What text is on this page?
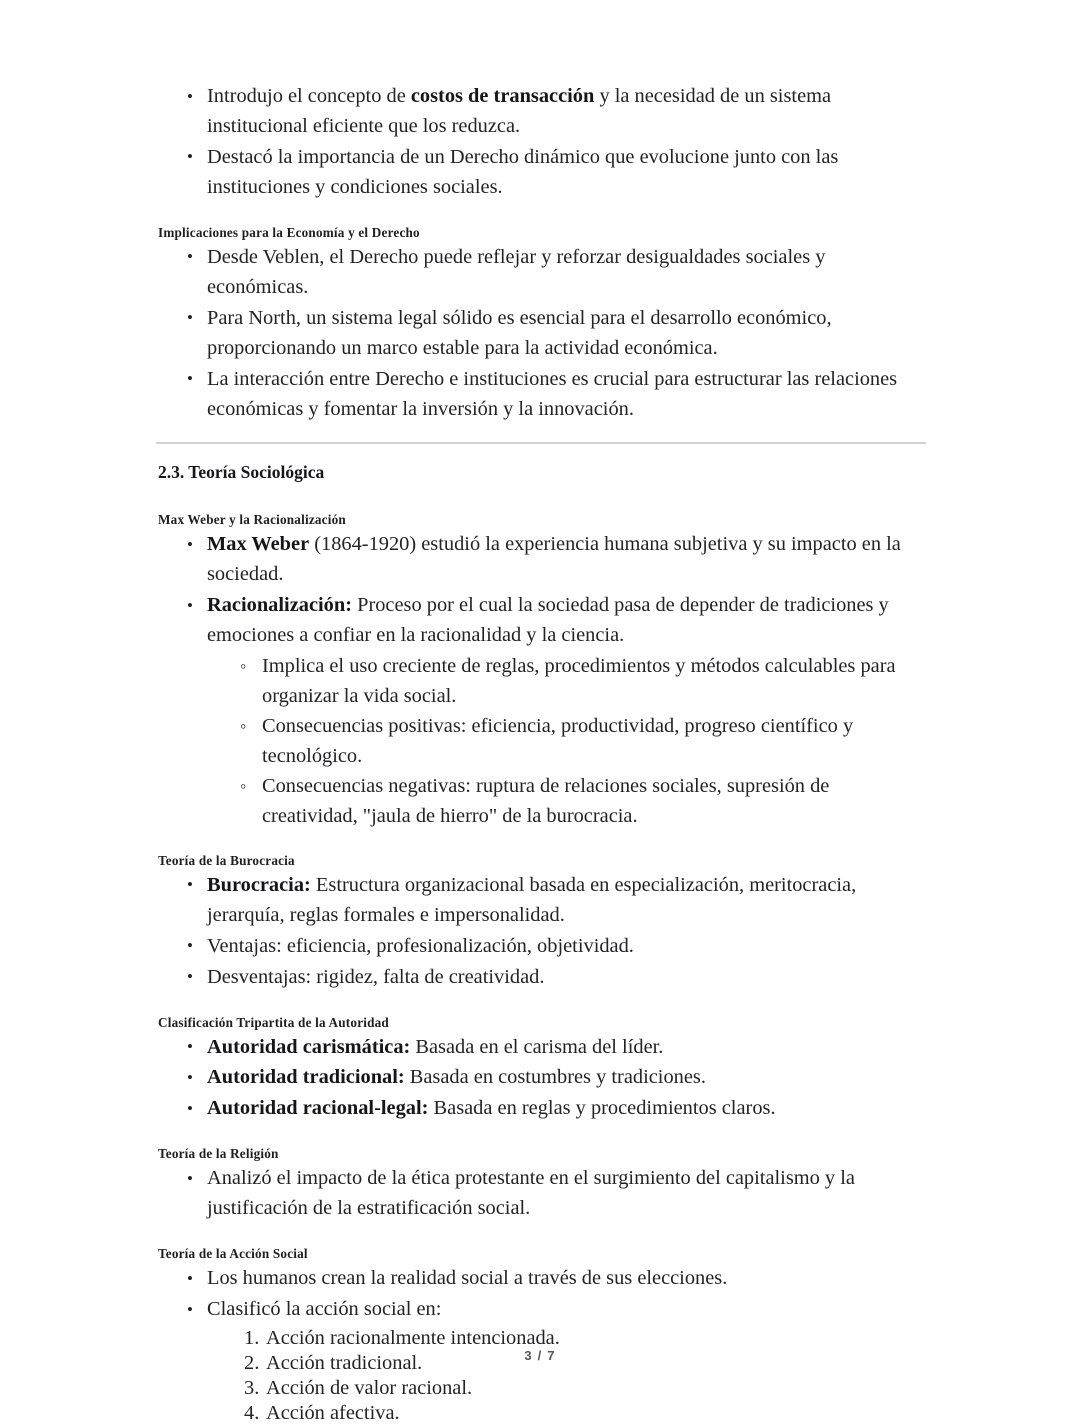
• Introdujo el concepto de costos de transacción y la necesidad de un sistema institucional eficiente que los reduzca.
• Destacó la importancia de un Derecho dinámico que evolucione junto con las instituciones y condiciones sociales.
Implicaciones para la Economía y el Derecho
• Desde Veblen, el Derecho puede reflejar y reforzar desigualdades sociales y económicas.
• Para North, un sistema legal sólido es esencial para el desarrollo económico, proporcionando un marco estable para la actividad económica.
• La interacción entre Derecho e instituciones es crucial para estructurar las relaciones económicas y fomentar la inversión y la innovación.
2.3. Teoría Sociológica
Max Weber y la Racionalización
• Max Weber (1864-1920) estudió la experiencia humana subjetiva y su impacto en la sociedad.
• Racionalización: Proceso por el cual la sociedad pasa de depender de tradiciones y emociones a confiar en la racionalidad y la ciencia.
◦ Implica el uso creciente de reglas, procedimientos y métodos calculables para organizar la vida social.
◦ Consecuencias positivas: eficiencia, productividad, progreso científico y tecnológico.
◦ Consecuencias negativas: ruptura de relaciones sociales, supresión de creatividad, "jaula de hierro" de la burocracia.
Teoría de la Burocracia
• Burocracia: Estructura organizacional basada en especialización, meritocracia, jerarquía, reglas formales e impersonalidad.
• Ventajas: eficiencia, profesionalización, objetividad.
• Desventajas: rigidez, falta de creatividad.
Clasificación Tripartita de la Autoridad
• Autoridad carismática: Basada en el carisma del líder.
• Autoridad tradicional: Basada en costumbres y tradiciones.
• Autoridad racional-legal: Basada en reglas y procedimientos claros.
Teoría de la Religión
• Analizó el impacto de la ética protestante en el surgimiento del capitalismo y la justificación de la estratificación social.
Teoría de la Acción Social
• Los humanos crean la realidad social a través de sus elecciones.
• Clasificó la acción social en:
1. Acción racionalmente intencionada.
2. Acción tradicional.
3. Acción de valor racional.
4. Acción afectiva.
3 / 7
